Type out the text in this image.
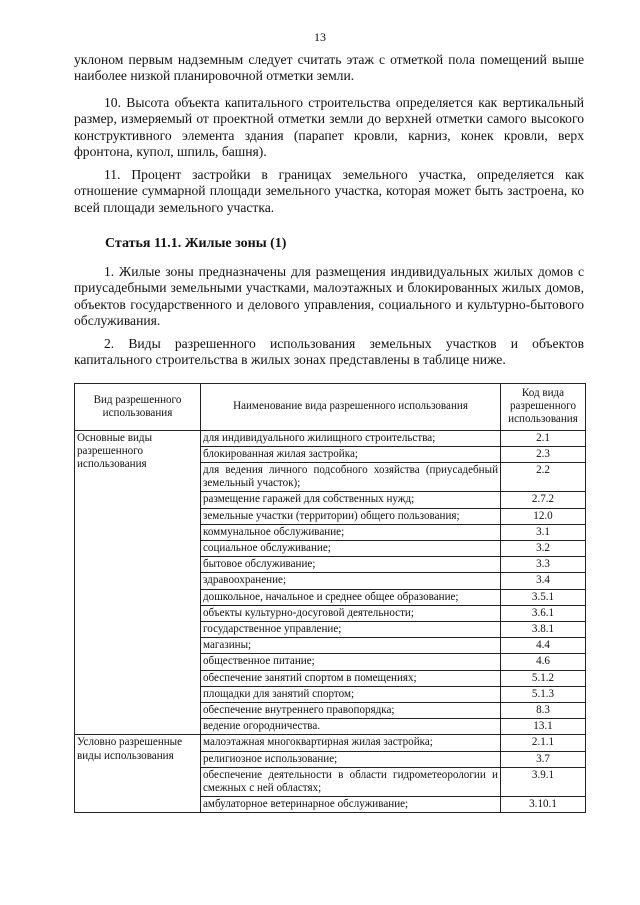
13

уклоном первым надземным следует считать этаж с отметкой пола помещений выше наиболее низкой планировочной отметки земли.

10. Высота объекта капитального строительства определяется как вертикальный размер, измеряемый от проектной отметки земли до верхней отметки самого высокого конструктивного элемента здания (парапет кровли, карниз, конек кровли, верх фронтона, купол, шпиль, башня).

11. Процент застройки в границах земельного участка, определяется как отношение суммарной площади земельного участка, которая может быть застроена, ко всей площади земельного участка.

Статья 11.1. Жилые зоны (1)

1. Жилые зоны предназначены для размещения индивидуальных жилых домов с приусадебными земельными участками, малоэтажных и блокированных жилых домов, объектов государственного и делового управления, социального и культурно-бытового обслуживания.

2. Виды разрешенного использования земельных участков и объектов капитального строительства в жилых зонах представлены в таблице ниже.

Вид разрешенного использования	Наименование вида разрешенного использования	Код вида разрешенного использования
Основные виды разрешенного использования	для индивидуального жилищного строительства;	2.1
	блокированная жилая застройка;	2.3
	для ведения личного подсобного хозяйства (приусадебный земельный участок);	2.2
	размещение гаражей для собственных нужд;	2.7.2
	земельные участки (территории) общего пользования;	12.0
	коммунальное обслуживание;	3.1
	социальное обслуживание;	3.2
	бытовое обслуживание;	3.3
	здравоохранение;	3.4
	дошкольное, начальное и среднее общее образование;	3.5.1
	объекты культурно-досуговой деятельности;	3.6.1
	государственное управление;	3.8.1
	магазины;	4.4
	общественное питание;	4.6
	обеспечение занятий спортом в помещениях;	5.1.2
	площадки для занятий спортом;	5.1.3
	обеспечение внутреннего правопорядка;	8.3
	ведение огородничества.	13.1
Условно разрешенные виды использования	малоэтажная многоквартирная жилая застройка;	2.1.1
	религиозное использование;	3.7
	обеспечение деятельности в области гидрометеорологии и смежных с ней областях;	3.9.1
	амбулаторное ветеринарное обслуживание;	3.10.1
